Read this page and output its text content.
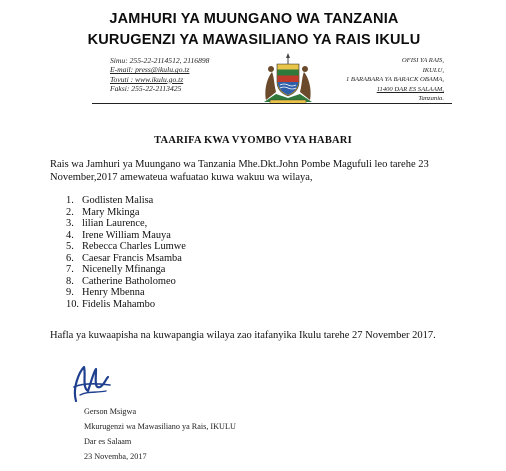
JAMHURI YA MUUNGANO WA TANZANIA
KURUGENZI YA MAWASILIANO YA RAIS IKULU
Simu: 255-22-2114512, 2116898
E-mail: press@ikulu.go.tz
Tovuti : www.ikulu.go.tz
Faksi: 255-22-2113425
OFISI YA RAIS,
IKULU,
1 BARABARA YA BARACK OBAMA,
11400 DAR ES SALAAM,
Tanzania.
TAARIFA KWA VYOMBO VYA HABARI
Rais wa Jamhuri ya Muungano wa Tanzania Mhe.Dkt.John Pombe Magufuli leo tarehe 23 November,2017 amewateua wafuatao kuwa wakuu wa wilaya,
1. Godlisten Malisa
2. Mary Mkinga
3. lilian Laurence,
4. Irene William Mauya
5. Rebecca Charles Lumwe
6. Caesar Francis Msamba
7. Nicenelly Mfinanga
8. Catherine Batholomeo
9. Henry Mbenna
10. Fidelis Mahambo
Hafla ya kuwaapisha na kuwapangia wilaya zao itafanyika Ikulu tarehe 27 November 2017.
Gerson Msigwa
Mkurugenzi wa Mawasiliano ya Rais, IKULU
Dar es Salaam
23 Novemba, 2017
